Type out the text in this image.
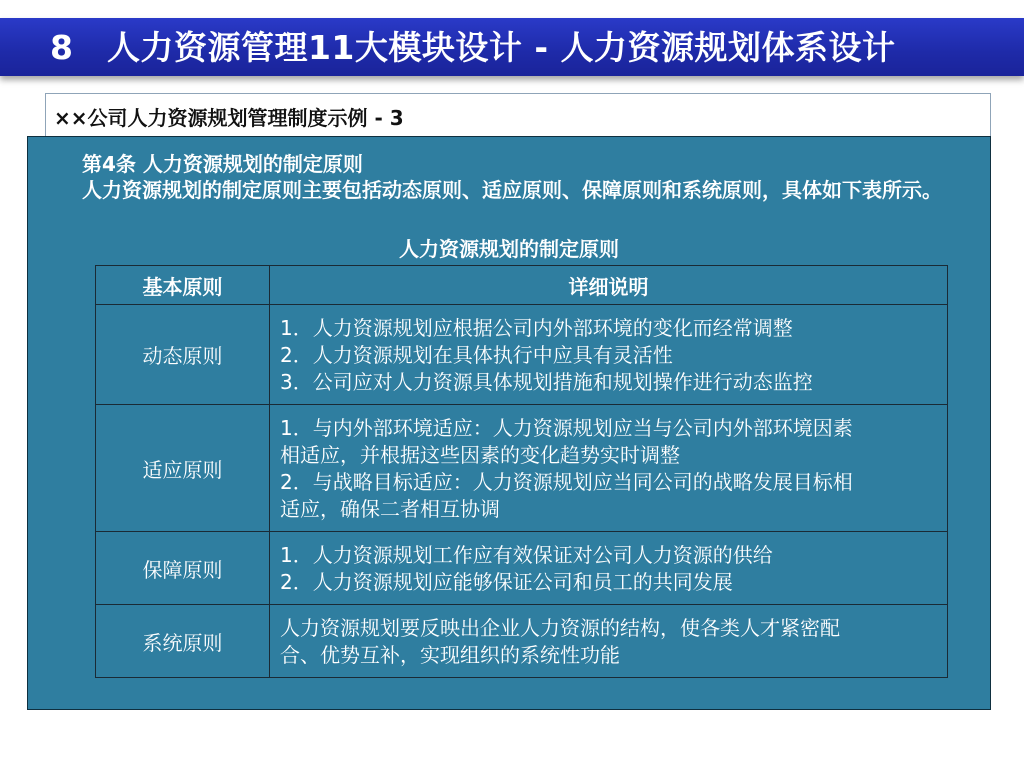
8　人力资源管理11大模块设计 - 人力资源规划体系设计
××公司人力资源规划管理制度示例 - 3
第4条 人力资源规划的制定原则
人力资源规划的制定原则主要包括动态原则、适应原则、保障原则和系统原则，具体如下表所示。
人力资源规划的制定原则
基本原则	详细说明
动态原则	1．人力资源规划应根据公司内外部环境的变化而经常调整
2．人力资源规划在具体执行中应具有灵活性
3．公司应对人力资源具体规划措施和规划操作进行动态监控

适应原则	1．与内外部环境适应：人力资源规划应当与公司内外部环境因素
相适应，并根据这些因素的变化趋势实时调整
2．与战略目标适应：人力资源规划应当同公司的战略发展目标相
适应，确保二者相互协调

保障原则	1．人力资源规划工作应有效保证对公司人力资源的供给
2．人力资源规划应能够保证公司和员工的共同发展

系统原则	人力资源规划要反映出企业人力资源的结构，使各类人才紧密配
合、优势互补，实现组织的系统性功能
